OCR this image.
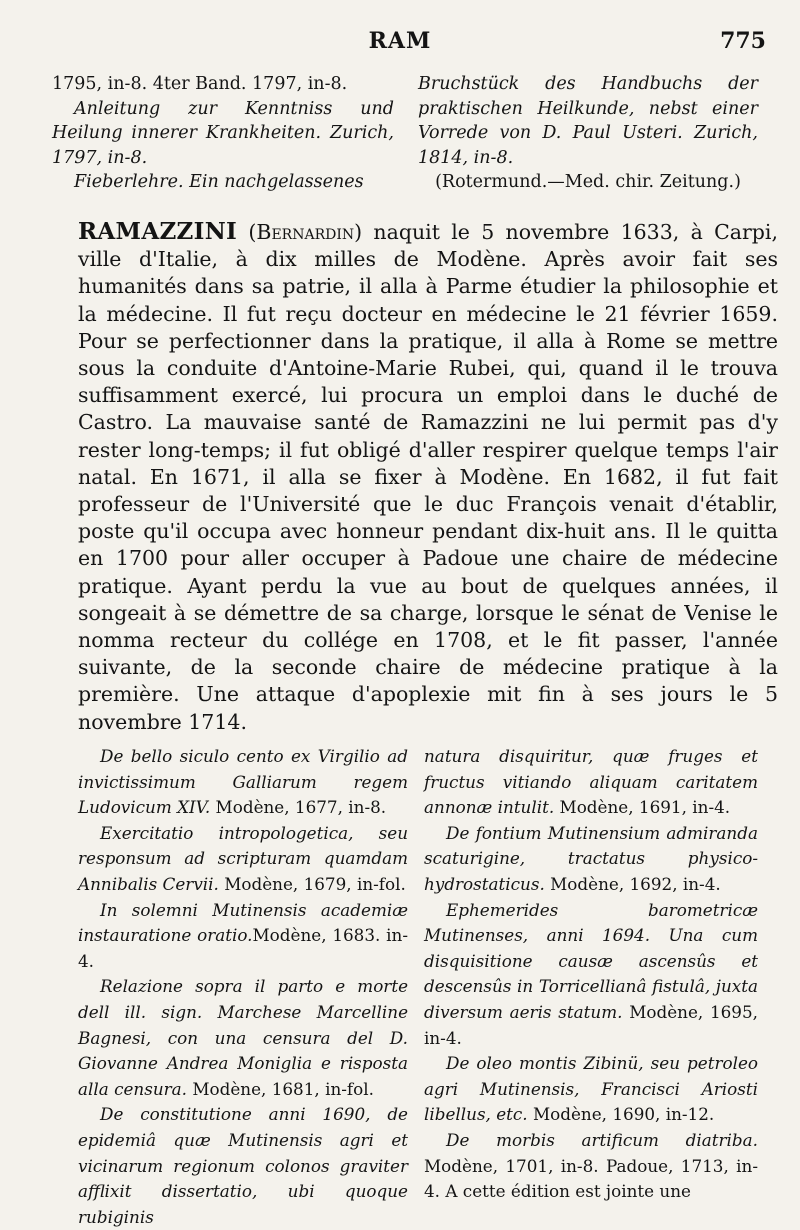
RAM	775

1795, in-8. 4ter Band. 1797, in-8.

Anleitung zur Kenntniss und Heilung innerer Krankheiten. Zurich, 1797, in-8.

Fieberlehre. Ein nachgelassenes

Bruchstück des Handbuchs der praktischen Heilkunde, nebst einer Vorrede von D. Paul Usteri. Zurich, 1814, in-8.

(Rotermund.—Med. chir. Zeitung.)

RAMAZZINI (Bernardin) naquit le 5 novembre 1633, à Carpi, ville d'Italie, à dix milles de Modène. Après avoir fait ses humanités dans sa patrie, il alla à Parme étudier la philosophie et la médecine. Il fut reçu docteur en médecine le 21 février 1659. Pour se perfectionner dans la pratique, il alla à Rome se mettre sous la conduite d'Antoine-Marie Rubei, qui, quand il le trouva suffisamment exercé, lui procura un emploi dans le duché de Castro. La mauvaise santé de Ramazzini ne lui permit pas d'y rester long-temps; il fut obligé d'aller respirer quelque temps l'air natal. En 1671, il alla se fixer à Modène. En 1682, il fut fait professeur de l'Université que le duc François venait d'établir, poste qu'il occupa avec honneur pendant dix-huit ans. Il le quitta en 1700 pour aller occuper à Padoue une chaire de médecine pratique. Ayant perdu la vue au bout de quelques années, il songeait à se démettre de sa charge, lorsque le sénat de Venise le nomma recteur du collége en 1708, et le fit passer, l'année suivante, de la seconde chaire de médecine pratique à la première. Une attaque d'apoplexie mit fin à ses jours le 5 novembre 1714.

De bello siculo cento ex Virgilio ad invictissimum Galliarum regem Ludovicum XIV. Modène, 1677, in-8.

Exercitatio intropologetica, seu responsum ad scripturam quamdam Annibalis Cervii. Modène, 1679, in-fol.

In solemni Mutinensis academiæ instauratione oratio.Modène, 1683. in-4.

Relazione sopra il parto e morte dell ill. sign. Marchese Marcelline Bagnesi, con una censura del D. Giovanne Andrea Moniglia e risposta alla censura. Modène, 1681, in-fol.

De constitutione anni 1690, de epidemiâ quæ Mutinensis agri et vicinarum regionum colonos graviter afflixit dissertatio, ubi quoque rubiginis

natura disquiritur, quæ fruges et fructus vitiando aliquam caritatem annonæ intulit. Modène, 1691, in-4.

De fontium Mutinensium admiranda scaturigine, tractatus physico-hydrostaticus. Modène, 1692, in-4.

Ephemerides barometricæ Mutinenses, anni 1694. Una cum disquisitione causæ ascensûs et descensûs in Torricellianâ fistulâ, juxta diversum aeris statum. Modène, 1695, in-4.

De oleo montis Zibinü, seu petroleo agri Mutinensis, Francisci Ariosti libellus, etc. Modène, 1690, in-12.

De morbis artificum diatriba. Modène, 1701, in-8. Padoue, 1713, in-4. A cette édition est jointe une
